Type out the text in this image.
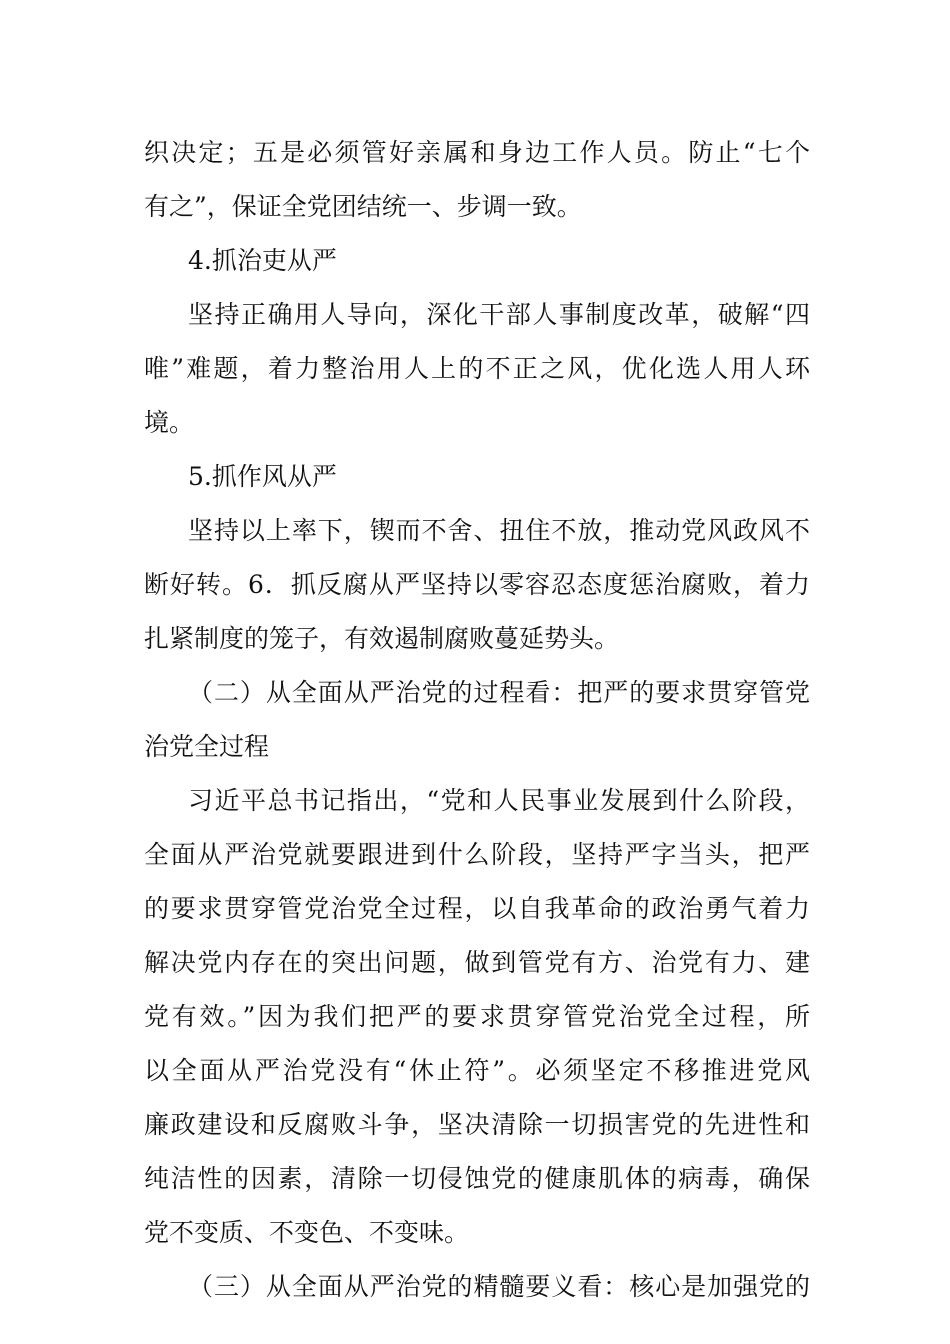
织决定；五是必须管好亲属和身边工作人员。防止“七个
有之”，保证全党团结统一、步调一致。
4.抓治吏从严
坚持正确用人导向，深化干部人事制度改革，破解“四
唯”难题，着力整治用人上的不正之风，优化选人用人环
境。
5.抓作风从严
坚持以上率下，锲而不舍、扭住不放，推动党风政风不
断好转。6．抓反腐从严坚持以零容忍态度惩治腐败，着力
扎紧制度的笼子，有效遏制腐败蔓延势头。
（二）从全面从严治党的过程看：把严的要求贯穿管党
治党全过程
习近平总书记指出，“党和人民事业发展到什么阶段，
全面从严治党就要跟进到什么阶段，坚持严字当头，把严
的要求贯穿管党治党全过程，以自我革命的政治勇气着力
解决党内存在的突出问题，做到管党有方、治党有力、建
党有效。”因为我们把严的要求贯穿管党治党全过程，所
以全面从严治党没有“休止符”。必须坚定不移推进党风
廉政建设和反腐败斗争，坚决清除一切损害党的先进性和
纯洁性的因素，清除一切侵蚀党的健康肌体的病毒，确保
党不变质、不变色、不变味。
（三）从全面从严治党的精髓要义看：核心是加强党的
